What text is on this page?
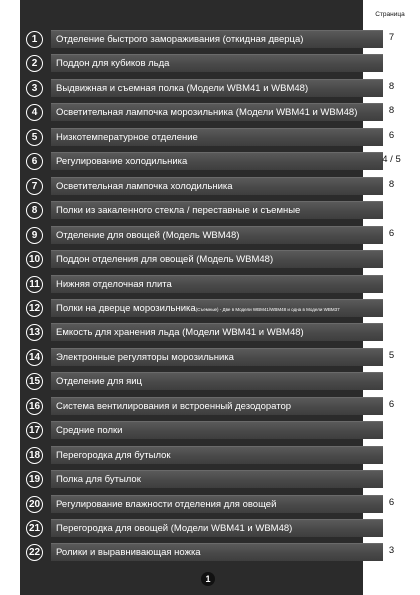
Страница
1	Отделение быстрого замораживания (откидная дверца)	7
2	Поддон для кубиков льда
3	Выдвижная и съемная полка (Модели WBM41 и WBM48)	8
4	Осветительная лампочка морозильника (Модели WBM41 и WBM48)	8
5	Низкотемпературное отделение	6
6	Регулирование холодильника	4 / 5
7	Осветительная лампочка холодильника	8
8	Полки из закаленного стекла / переставные и съемные
9	Отделение для овощей (Модель WBM48)	6
10	Поддон отделения для овощей (Модель WBM48)
11	Нижняя отделочная плита
12	Полки на дверце морозильника(Съемные) - Две в Модели WBM41/WBM48 и одна в Модели WBM37
13	Емкость для хранения льда (Модели WBM41 и WBM48)
14	Электронные регуляторы морозильника	5
15	Отделение для яиц
16	Система вентилирования и встроенный дезодоратор	6
17	Средние полки
18	Перегородка для бутылок
19	Полка для бутылок
20	Регулирование влажности отделения для овощей	6
21	Перегородка для овощей (Модели WBM41 и WBM48)
22	Ролики и выравнивающая ножка	3
1
